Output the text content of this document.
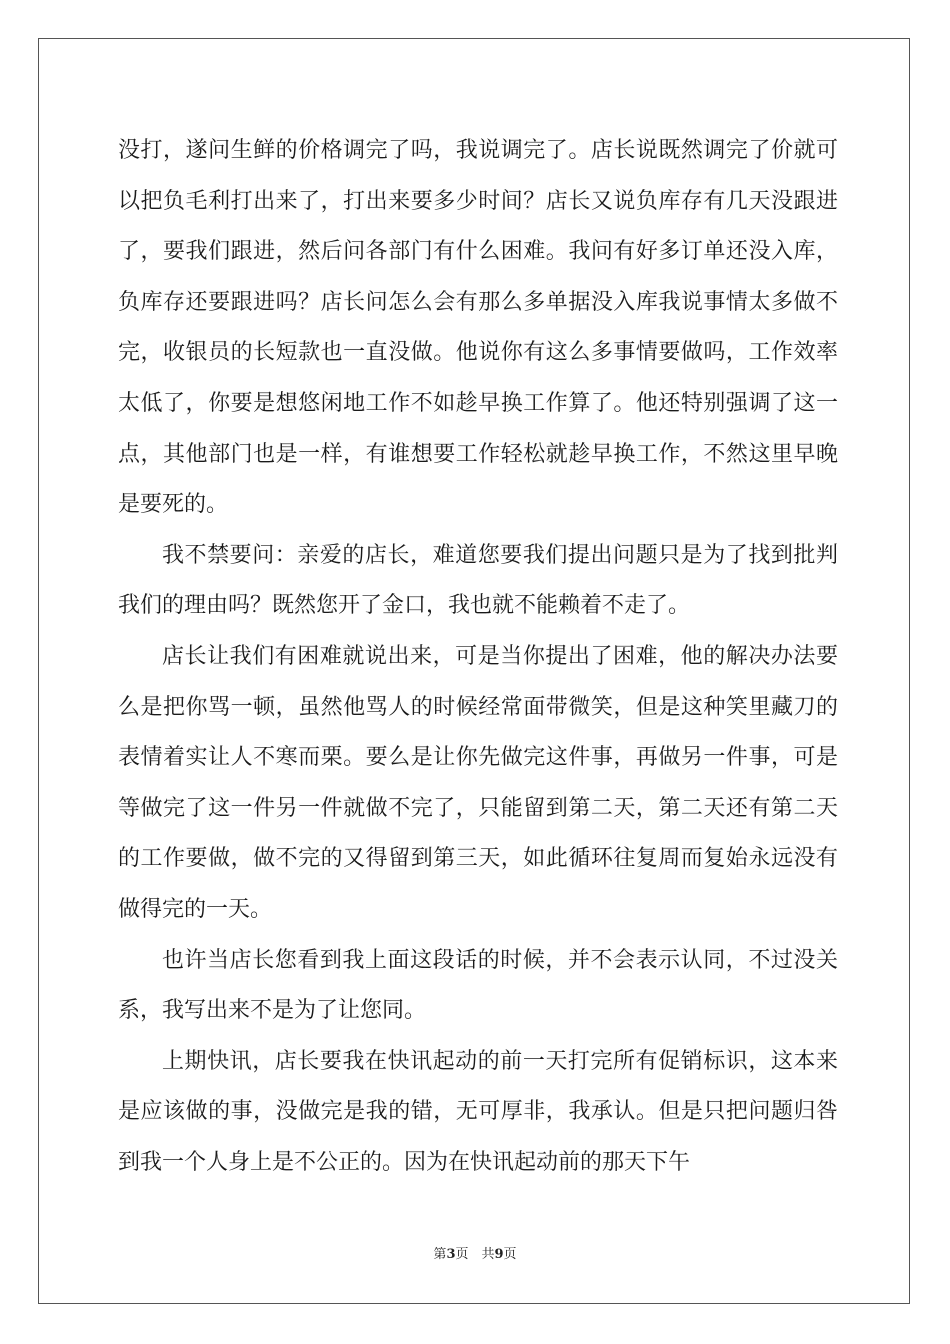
没打，遂问生鲜的价格调完了吗，我说调完了。店长说既然调完了价就可以把负毛利打出来了，打出来要多少时间？店长又说负库存有几天没跟进了，要我们跟进，然后问各部门有什么困难。我问有好多订单还没入库，负库存还要跟进吗？店长问怎么会有那么多单据没入库我说事情太多做不完，收银员的长短款也一直没做。他说你有这么多事情要做吗，工作效率太低了，你要是想悠闲地工作不如趁早换工作算了。他还特别强调了这一点，其他部门也是一样，有谁想要工作轻松就趁早换工作，不然这里早晚是要死的。

我不禁要问：亲爱的店长，难道您要我们提出问题只是为了找到批判我们的理由吗？既然您开了金口，我也就不能赖着不走了。

店长让我们有困难就说出来，可是当你提出了困难，他的解决办法要么是把你骂一顿，虽然他骂人的时候经常面带微笑，但是这种笑里藏刀的表情着实让人不寒而栗。要么是让你先做完这件事，再做另一件事，可是等做完了这一件另一件就做不完了，只能留到第二天，第二天还有第二天的工作要做，做不完的又得留到第三天，如此循环往复周而复始永远没有做得完的一天。

也许当店长您看到我上面这段话的时候，并不会表示认同，不过没关系，我写出来不是为了让您同。

上期快讯，店长要我在快讯起动的前一天打完所有促销标识，这本来是应该做的事，没做完是我的错，无可厚非，我承认。但是只把问题归咎到我一个人身上是不公正的。因为在快讯起动前的那天下午

第3页　共9页
